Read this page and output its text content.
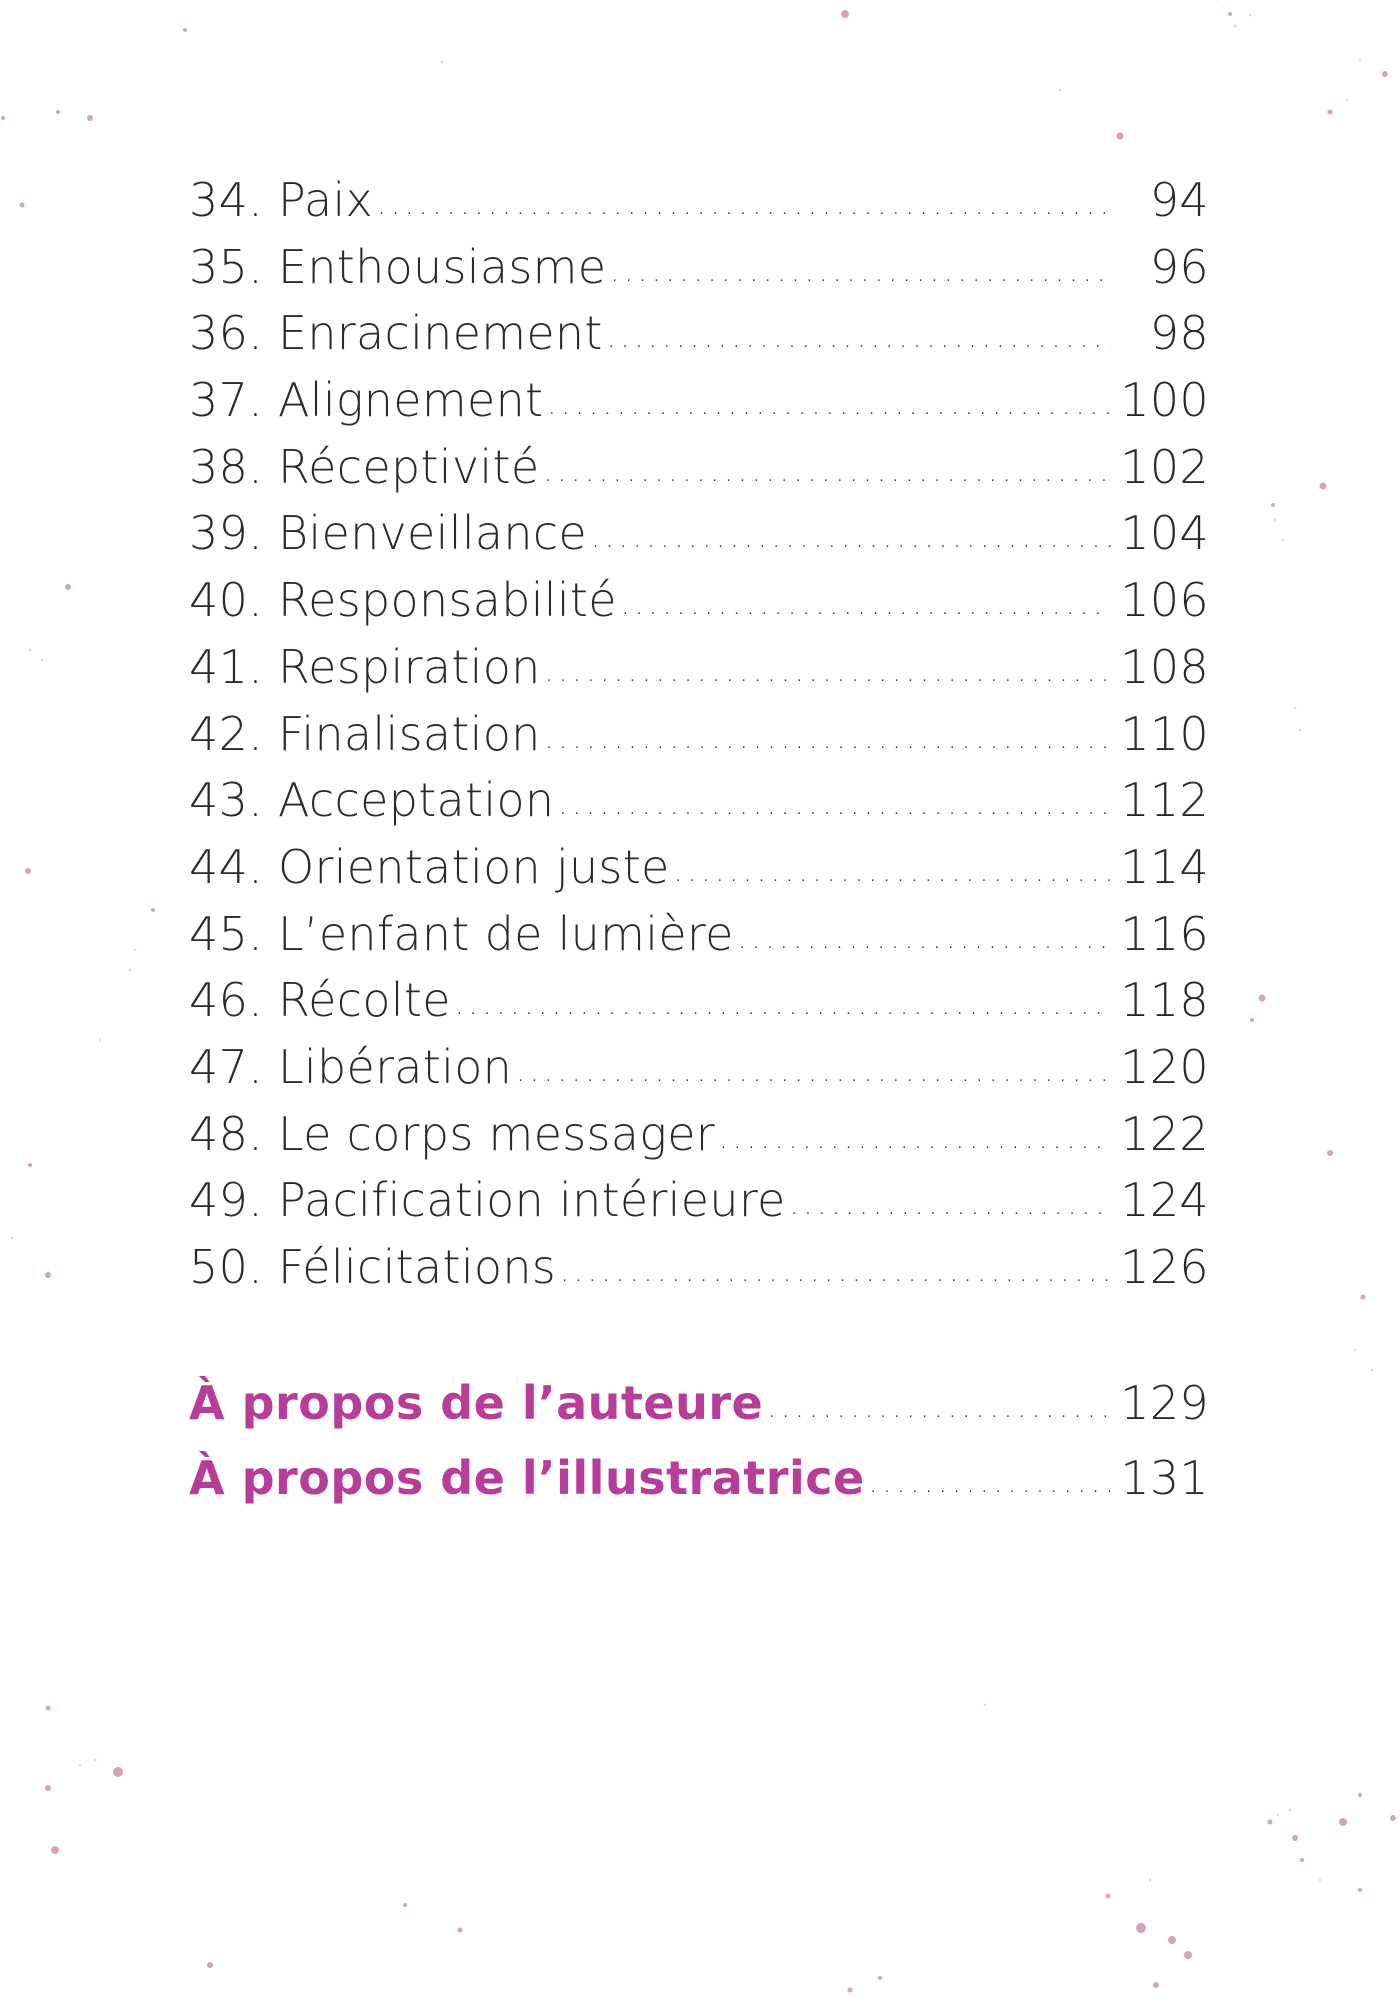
34. Paix .....	94
35. Enthousiasme .....	96
36. Enracinement .....	98
37. Alignement .....	100
38. Réceptivité .....	102
39. Bienveillance .....	104
40. Responsabilité .....	106
41. Respiration .....	108
42. Finalisation .....	110
43. Acceptation .....	112
44. Orientation juste .....	114
45. L’enfant de lumière .....	116
46. Récolte .....	118
47. Libération .....	120
48. Le corps messager .....	122
49. Pacification intérieure .....	124
50. Félicitations .....	126
À propos de l’auteure .....	129
À propos de l’illustratrice .....	131
